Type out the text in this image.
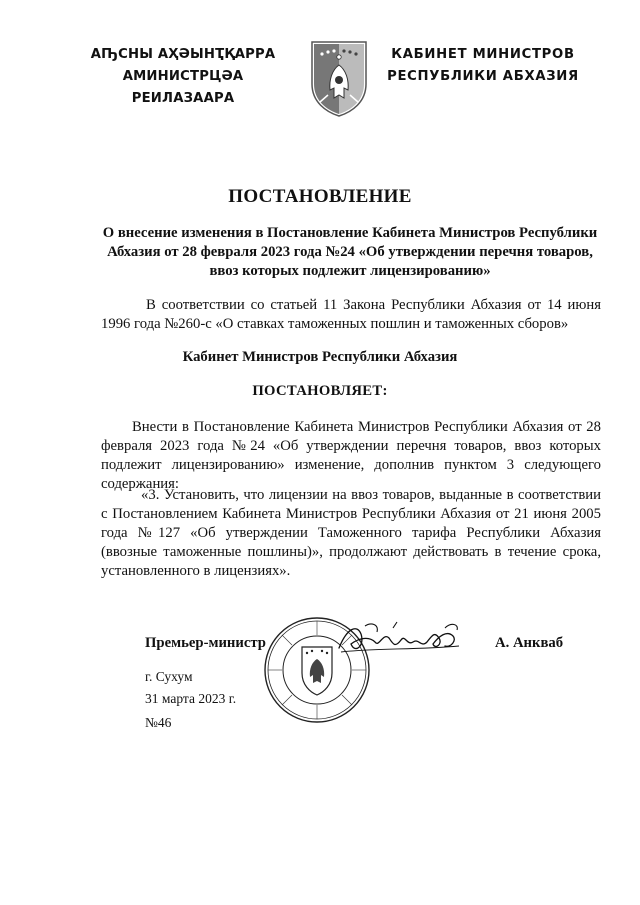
АҦСНЫ АҲӘЫНҬҚАРРА
АМИНИСТРЦӘА РЕИЛАЗААРА
КАБИНЕТ МИНИСТРОВ
РЕСПУБЛИКИ АБХАЗИЯ
ПОСТАНОВЛЕНИЕ
О внесение изменения в Постановление Кабинета Министров Республики Абхазия от 28 февраля 2023 года №24 «Об утверждении перечня товаров, ввоз которых подлежит лицензированию»
В соответствии со статьей 11 Закона Республики Абхазия от 14 июня 1996 года №260-с «О ставках таможенных пошлин и таможенных сборов»
Кабинет Министров Республики Абхазия
ПОСТАНОВЛЯЕТ:
Внести в Постановление Кабинета Министров Республики Абхазия от 28 февраля 2023 года №24 «Об утверждении перечня товаров, ввоз которых подлежит лицензированию» изменение, дополнив пунктом 3 следующего содержания:
«3. Установить, что лицензии на ввоз товаров, выданные в соответствии с Постановлением Кабинета Министров Республики Абхазия от 21 июня 2005 года №127 «Об утверждении Таможенного тарифа Республики Абхазия (ввозные таможенные пошлины)», продолжают действовать в течение срока, установленного в лицензиях».
Премьер-министр	А. Анкваб
г. Сухум
31 марта 2023 г.
№46
